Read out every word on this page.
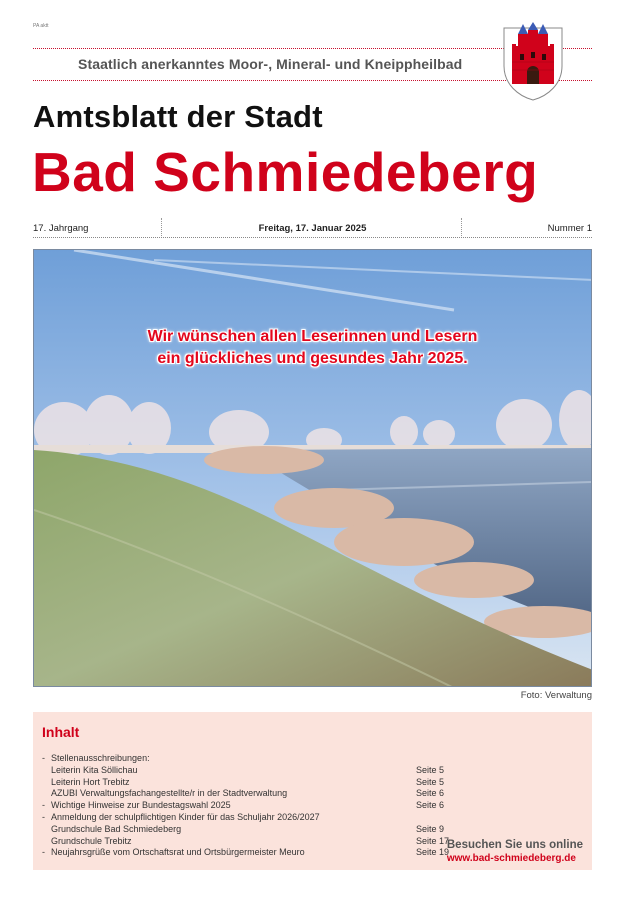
PA aktt
Staatlich anerkanntes Moor-, Mineral- und Kneippheilbad
Amtsblatt der Stadt
Bad Schmiedeberg
17. Jahrgang	Freitag, 17. Januar 2025	Nummer 1
Wir wünschen allen Leserinnen und Lesern
ein glückliches und gesundes Jahr 2025.
Foto: Verwaltung
Inhalt
- Stellenausschreibungen:
Leiterin Kita Söllichau	Seite 5
Leiterin Hort Trebitz	Seite 5
AZUBI Verwaltungsfachangestellte/r in der Stadtverwaltung	Seite 6
- Wichtige Hinweise zur Bundestagswahl 2025	Seite 6
- Anmeldung der schulpflichtigen Kinder für das Schuljahr 2026/2027
Grundschule Bad Schmiedeberg	Seite 9
Grundschule Trebitz	Seite 17
- Neujahrsgrüße vom Ortschaftsrat und Ortsbürgermeister Meuro	Seite 19
Besuchen Sie uns online
www.bad-schmiedeberg.de
